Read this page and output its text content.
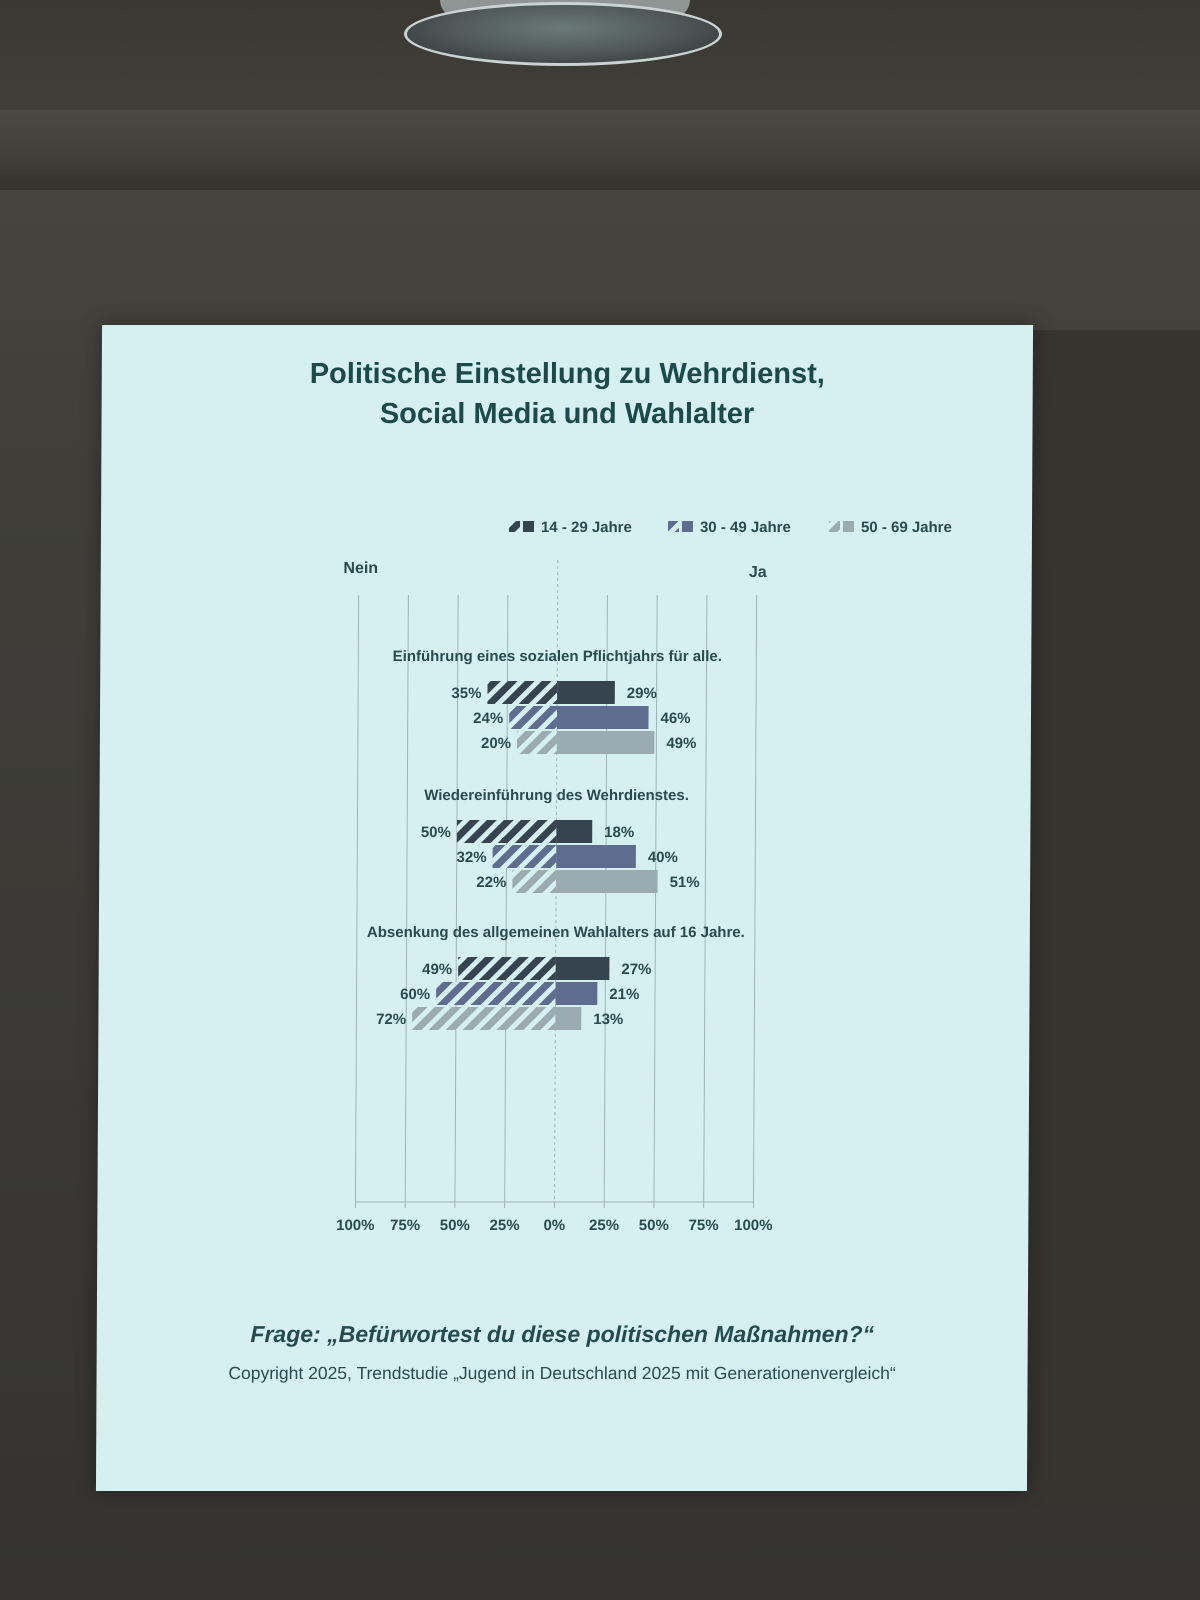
Politische Einstellung zu Wehrdienst,
Social Media und Wahlalter
14 - 29 Jahre	30 - 49 Jahre	50 - 69 Jahre
100% 75% 50% 25% 0% 25% 50% 75% 100%
Nein	Ja
Einführung eines sozialen Pflichtjahrs für alle.
35%	29%
24%	46%
20%	49%
Wiedereinführung des Wehrdienstes.
50%	18%
32%	40%
22%	51%
Absenkung des allgemeinen Wahlalters auf 16 Jahre.
49%	27%
60%	21%
72%	13%
Frage: „Befürwortest du diese politischen Maßnahmen?“
Copyright 2025, Trendstudie „Jugend in Deutschland 2025 mit Generationenvergleich“
